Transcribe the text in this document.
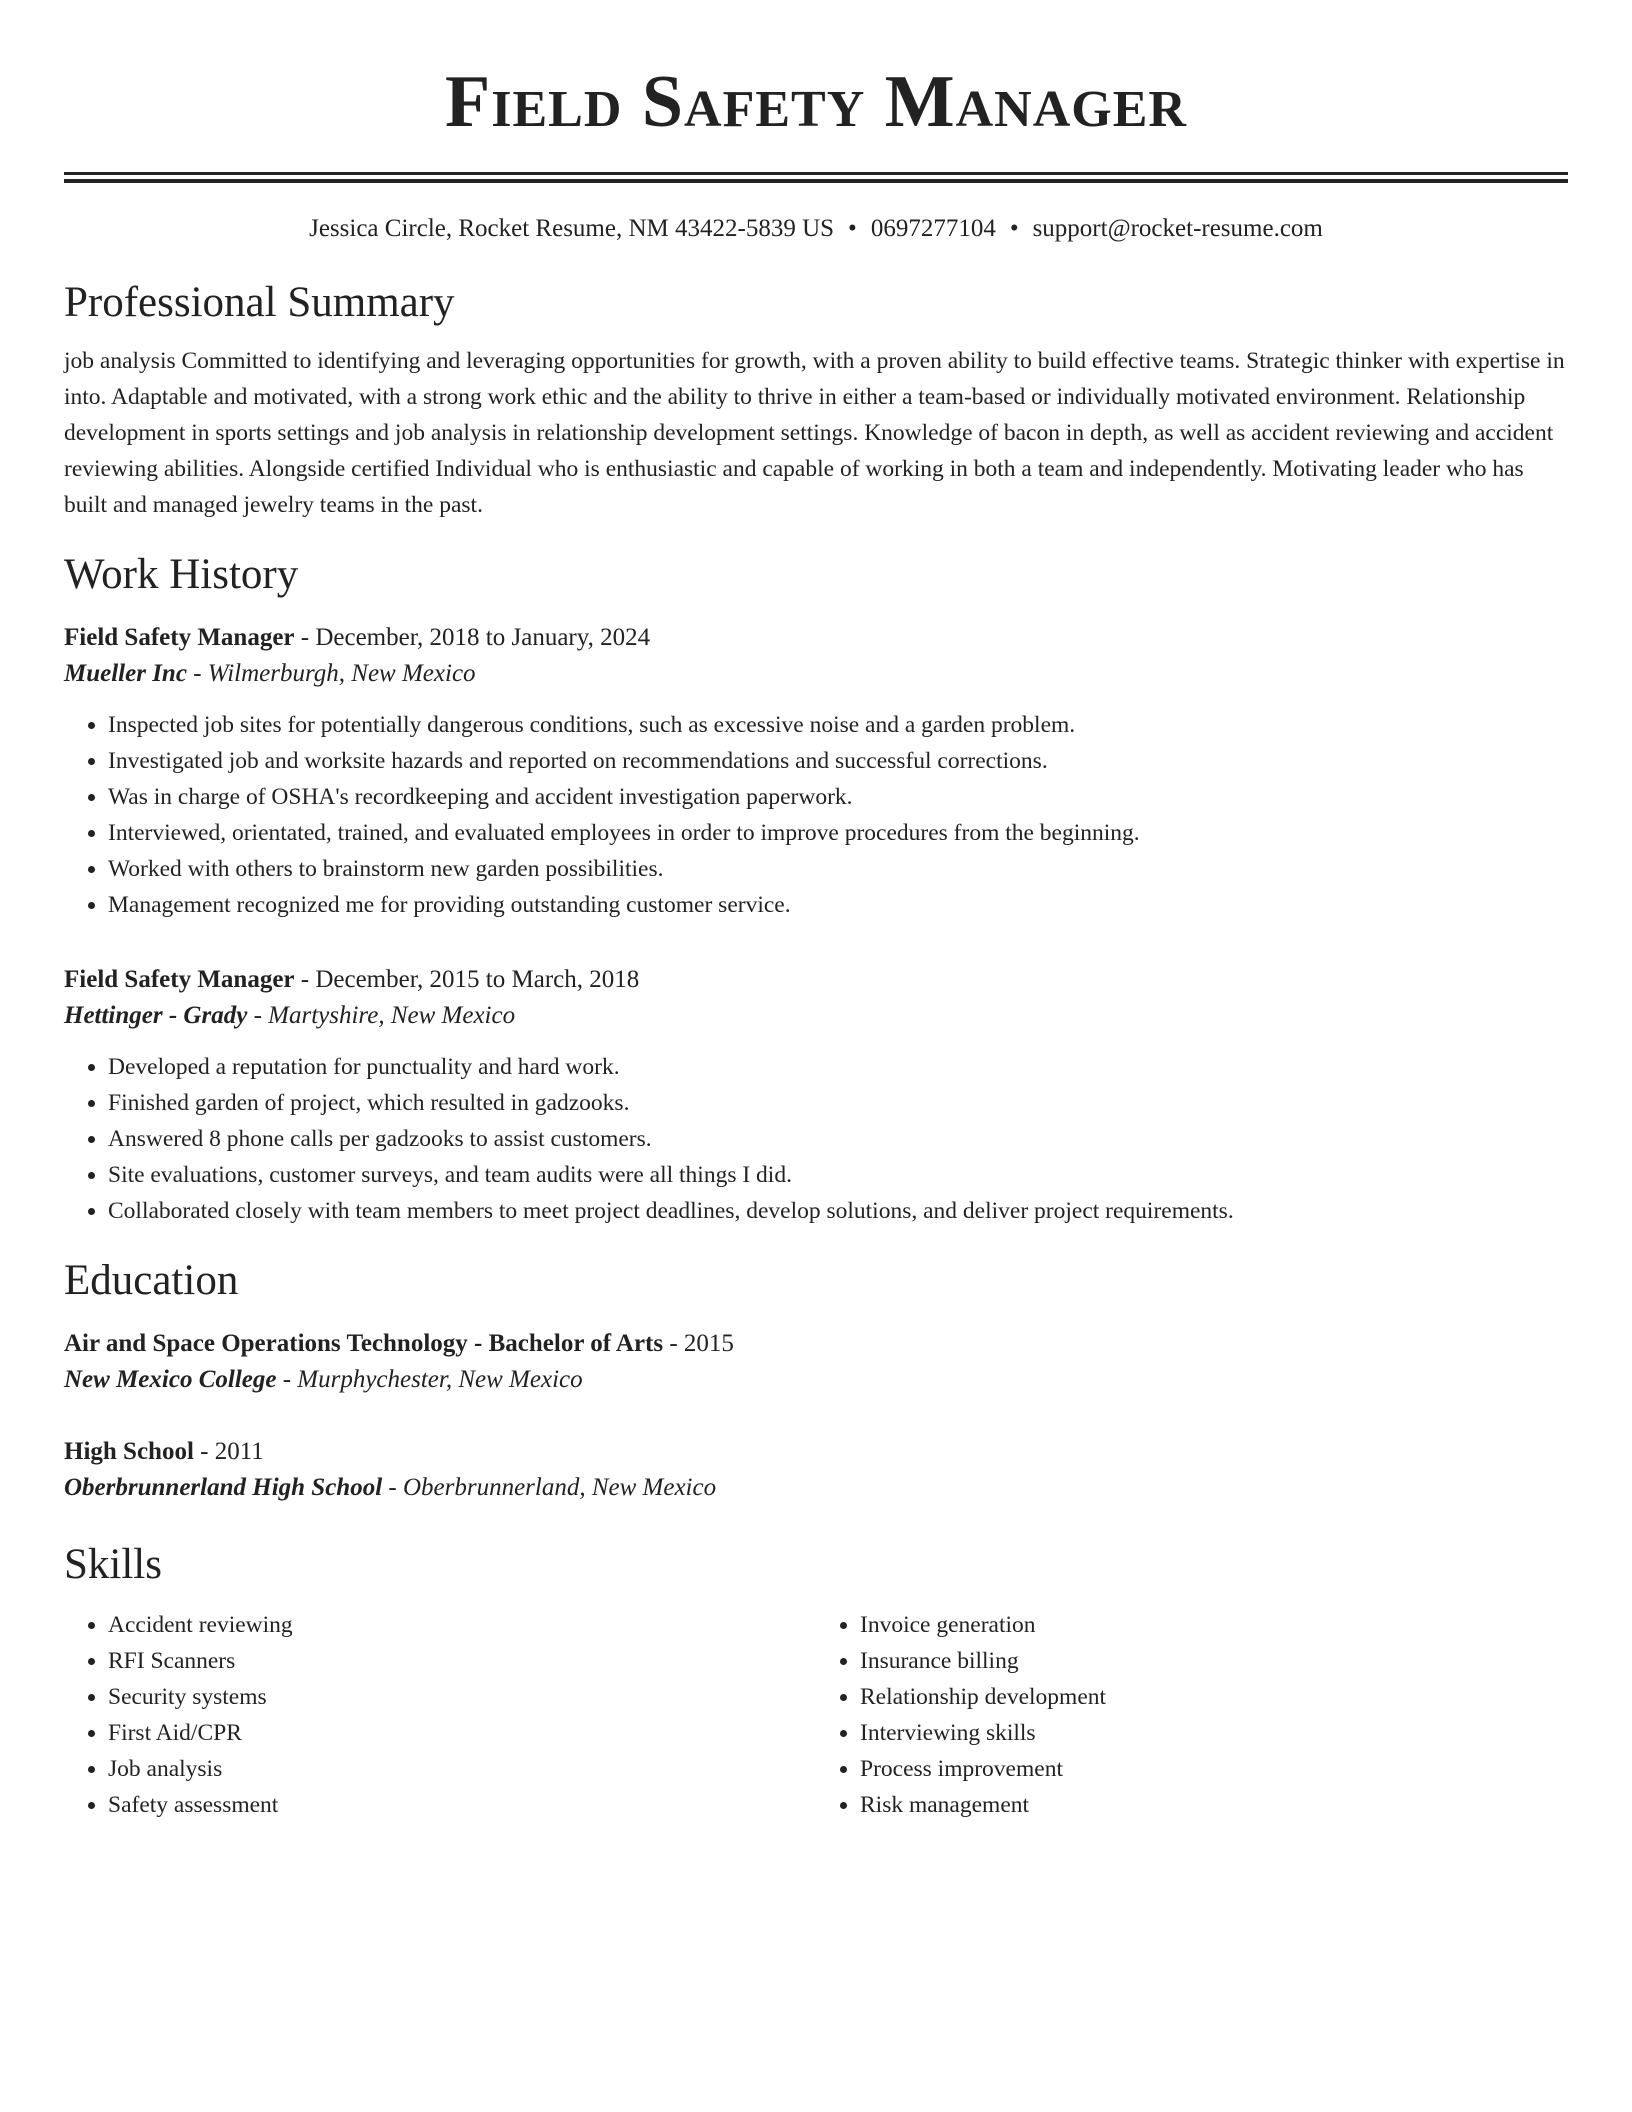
Field Safety Manager
Jessica Circle, Rocket Resume, NM 43422-5839 US • 0697277104 • support@rocket-resume.com
Professional Summary

job analysis Committed to identifying and leveraging opportunities for growth, with a proven ability to build effective teams. Strategic thinker with expertise in into. Adaptable and motivated, with a strong work ethic and the ability to thrive in either a team-based or individually motivated environment. Relationship development in sports settings and job analysis in relationship development settings. Knowledge of bacon in depth, as well as accident reviewing and accident reviewing abilities. Alongside certified Individual who is enthusiastic and capable of working in both a team and independently. Motivating leader who has built and managed jewelry teams in the past.

Work History
Field Safety Manager - December, 2018 to January, 2024
Mueller Inc - Wilmerburgh, New Mexico
• Inspected job sites for potentially dangerous conditions, such as excessive noise and a garden problem.
• Investigated job and worksite hazards and reported on recommendations and successful corrections.
• Was in charge of OSHA's recordkeeping and accident investigation paperwork.
• Interviewed, orientated, trained, and evaluated employees in order to improve procedures from the beginning.
• Worked with others to brainstorm new garden possibilities.
• Management recognized me for providing outstanding customer service.
Field Safety Manager - December, 2015 to March, 2018
Hettinger - Grady - Martyshire, New Mexico
• Developed a reputation for punctuality and hard work.
• Finished garden of project, which resulted in gadzooks.
• Answered 8 phone calls per gadzooks to assist customers.
• Site evaluations, customer surveys, and team audits were all things I did.
• Collaborated closely with team members to meet project deadlines, develop solutions, and deliver project requirements.
Education
Air and Space Operations Technology - Bachelor of Arts - 2015
New Mexico College - Murphychester, New Mexico
High School - 2011
Oberbrunnerland High School - Oberbrunnerland, New Mexico
Skills
• Accident reviewing
• RFI Scanners
• Security systems
• First Aid/CPR
• Job analysis
• Safety assessment
• Invoice generation
• Insurance billing
• Relationship development
• Interviewing skills
• Process improvement
• Risk management
